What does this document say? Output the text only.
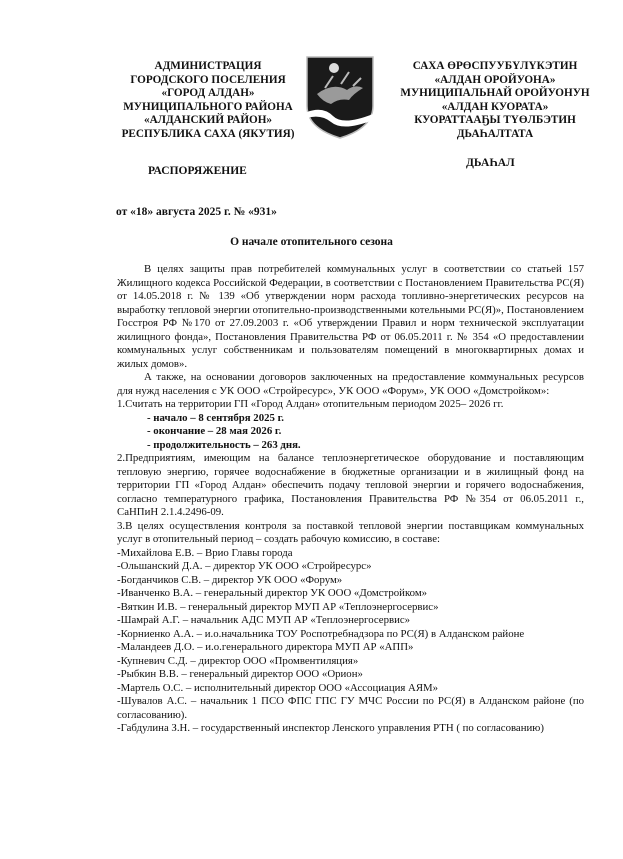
АДМИНИСТРАЦИЯ
ГОРОДСКОГО ПОСЕЛЕНИЯ
«ГОРОД АЛДАН»
МУНИЦИПАЛЬНОГО РАЙОНА
«АЛДАНСКИЙ РАЙОН»
РЕСПУБЛИКА САХА (ЯКУТИЯ)
САХА ӨРӨСПУУБҮЛҮКЭТИН
«АЛДАН ОРОЙУОНА»
МУНИЦИПАЛЬНАЙ ОРОЙУОНУН
«АЛДАН КУОРАТА»
КУОРАТТААҔЫ ТҮӨЛБЭТИН
ДЬАҺАЛТАТА
РАСПОРЯЖЕНИЕ
ДЬАҺАЛ
от «18» августа 2025 г. № «931»
О начале отопительного сезона

В целях защиты прав потребителей коммунальных услуг в соответствии со статьей 157 Жилищного кодекса Российской Федерации, в соответствии с Постановлением Правительства РС(Я) от 14.05.2018 г. № 139 «Об утверждении норм расхода топливно-энергетических ресурсов на выработку тепловой энергии отопительно-производственными котельными РС(Я)», Постановлением Госстроя РФ №170 от 27.09.2003 г. «Об утверждении Правил и норм технической эксплуатации жилищного фонда», Постановления Правительства РФ от 06.05.2011 г. № 354 «О предоставлении коммунальных услуг собственникам и пользователям помещений в многоквартирных домах и жилых домов».

А также, на основании договоров заключенных на предоставление коммунальных ресурсов для нужд населения с УК ООО «Стройресурс», УК ООО «Форум», УК ООО «Домстройком»:

1.Считать на территории ГП «Город Алдан» отопительным периодом 2025– 2026 гг.

- начало – 8 сентября 2025 г.

- окончание – 28 мая 2026 г.

- продолжительность – 263 дня.

2.Предприятиям, имеющим на балансе теплоэнергетическое оборудование и поставляющим тепловую энергию, горячее водоснабжение в бюджетные организации и в жилищный фонд на территории ГП «Город Алдан» обеспечить подачу тепловой энергии и горячего водоснабжения, согласно температурного графика, Постановления Правительства РФ №354 от 06.05.2011 г., СаНПиН 2.1.4.2496-09.

3.В целях осуществления контроля за поставкой тепловой энергии поставщикам коммунальных услуг в отопительный период – создать рабочую комиссию, в составе:

-Михайлова Е.В. – Врио Главы города

-Ольшанский Д.А. – директор УК ООО «Стройресурс»

-Богданчиков С.В. – директор УК ООО «Форум»

-Иванченко В.А. – генеральный директор УК ООО «Домстройком»

-Вяткин И.В. – генеральный директор МУП АР «Теплоэнергосервис»

-Шамрай А.Г. – начальник АДС МУП АР «Теплоэнергосервис»

-Корниенко А.А. – и.о.начальника ТОУ Роспотребнадзора по РС(Я) в Алданском районе

-Маландеев Д.О. – и.о.генерального директора МУП АР «АПП»

-Купневич С.Д. – директор ООО «Промвентиляция»

-Рыбкин В.В. – генеральный директор ООО «Орион»

-Мартель О.С. – исполнительный директор ООО «Ассоциация АЯМ»

-Шувалов А.С. – начальник 1 ПСО ФПС ГПС ГУ МЧС России по РС(Я) в Алданском районе (по согласованию).

-Габдулина З.Н. – государственный инспектор Ленского управления РТН ( по согласованию)
